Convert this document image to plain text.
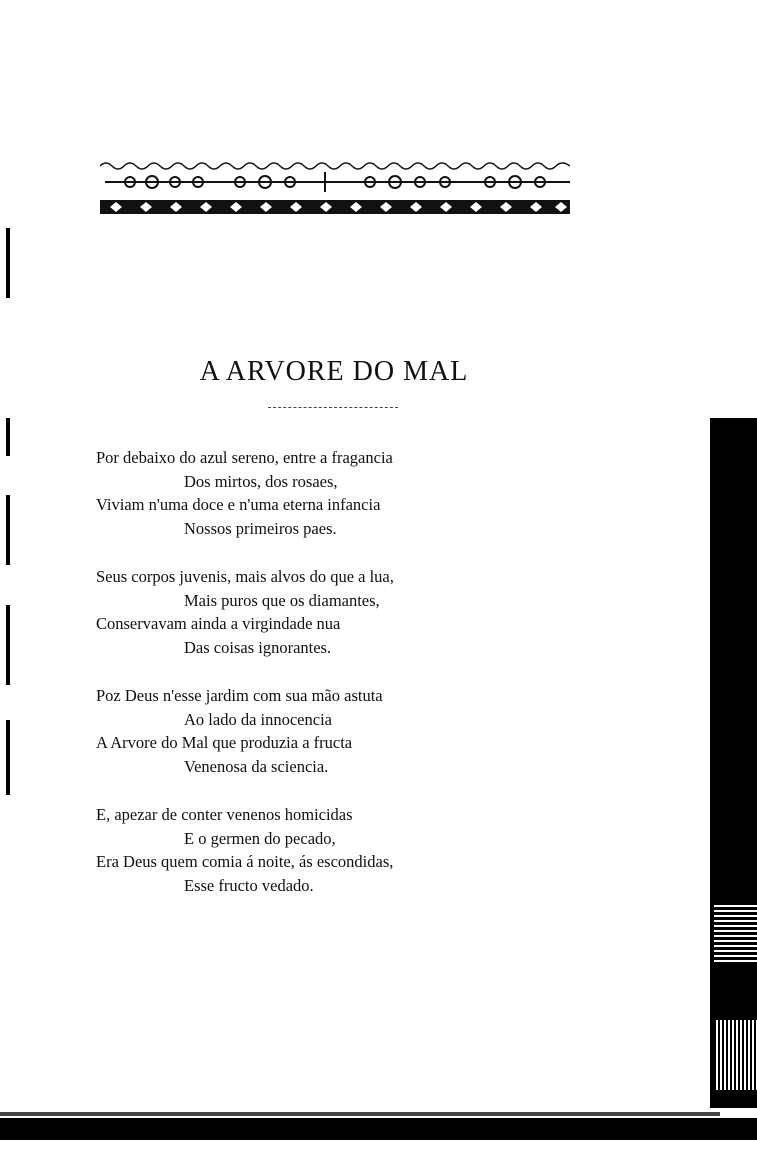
A ARVORE DO MAL
Por debaixo do azul sereno, entre a fragancia
Dos mirtos, dos rosaes,
Viviam n'uma doce e n'uma eterna infancia
Nossos primeiros paes.
Seus corpos juvenis, mais alvos do que a lua,
Mais puros que os diamantes,
Conservavam ainda a virgindade nua
Das coisas ignorantes.
Poz Deus n'esse jardim com sua mão astuta
Ao lado da innocencia
A Arvore do Mal que produzia a fructa
Venenosa da sciencia.
E, apezar de conter venenos homicidas
E o germen do pecado,
Era Deus quem comia á noite, ás escondidas,
Esse fructo vedado.
